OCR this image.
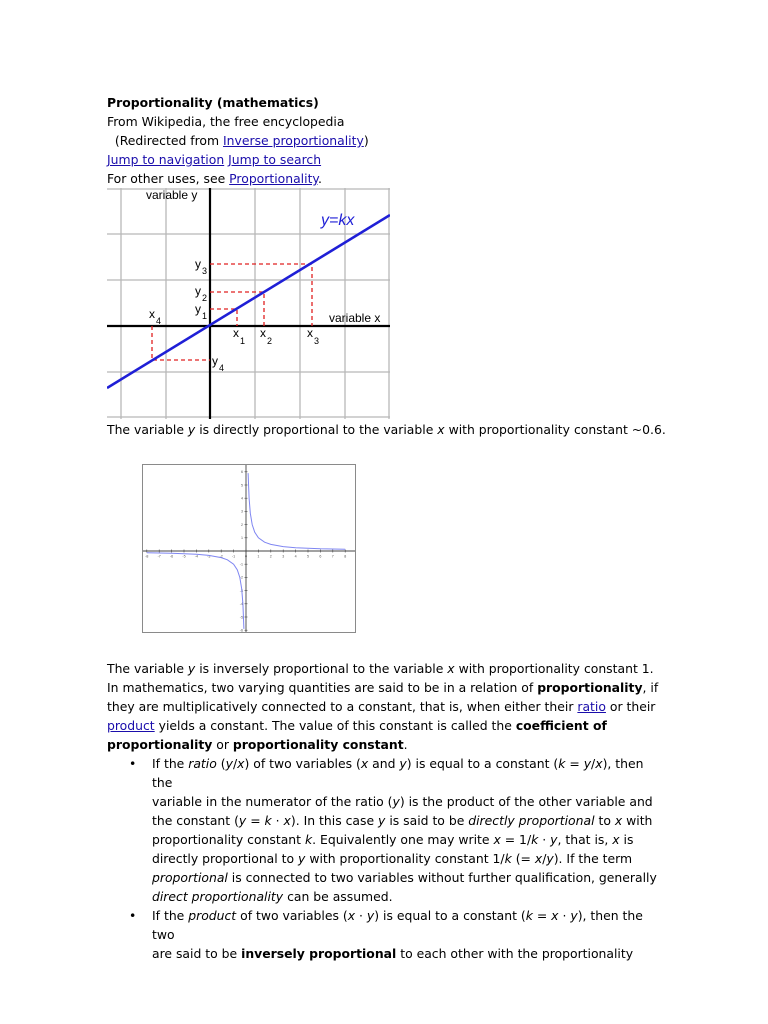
Proportionality (mathematics)
From Wikipedia, the free encyclopedia
(Redirected from Inverse proportionality)
Jump to navigation Jump to search
For other uses, see Proportionality.
variable y
variable x
y=kx
y 3
y 2
y 1
x 4
x
1
x
2
x
3
y 4
The variable y is directly proportional to the variable x with proportionality constant ~0.6.
-8	-7	-6	-5	-4	-3	-2	-1	0	1	2	3	4	5	6	7	8
-6
-5
-4
-3
-2
-1
1
2
3
4
5
6

The variable y is inversely proportional to the variable x with proportionality constant 1.

In mathematics, two varying quantities are said to be in a relation of proportionality, if
they are multiplicatively connected to a constant, that is, when either their ratio or their
product yields a constant. The value of this constant is called the coefficient of
proportionality or proportionality constant.

• If the ratio (y/x) of two variables (x and y) is equal to a constant (k = y/x), then the
variable in the numerator of the ratio (y) is the product of the other variable and
the constant (y = k · x). In this case y is said to be directly proportional to x with
proportionality constant k. Equivalently one may write x = 1/k · y, that is, x is
directly proportional to y with proportionality constant 1/k (= x/y). If the term
proportional is connected to two variables without further qualification, generally
direct proportionality can be assumed.
• If the product of two variables (x · y) is equal to a constant (k = x · y), then the two
are said to be inversely proportional to each other with the proportionality
